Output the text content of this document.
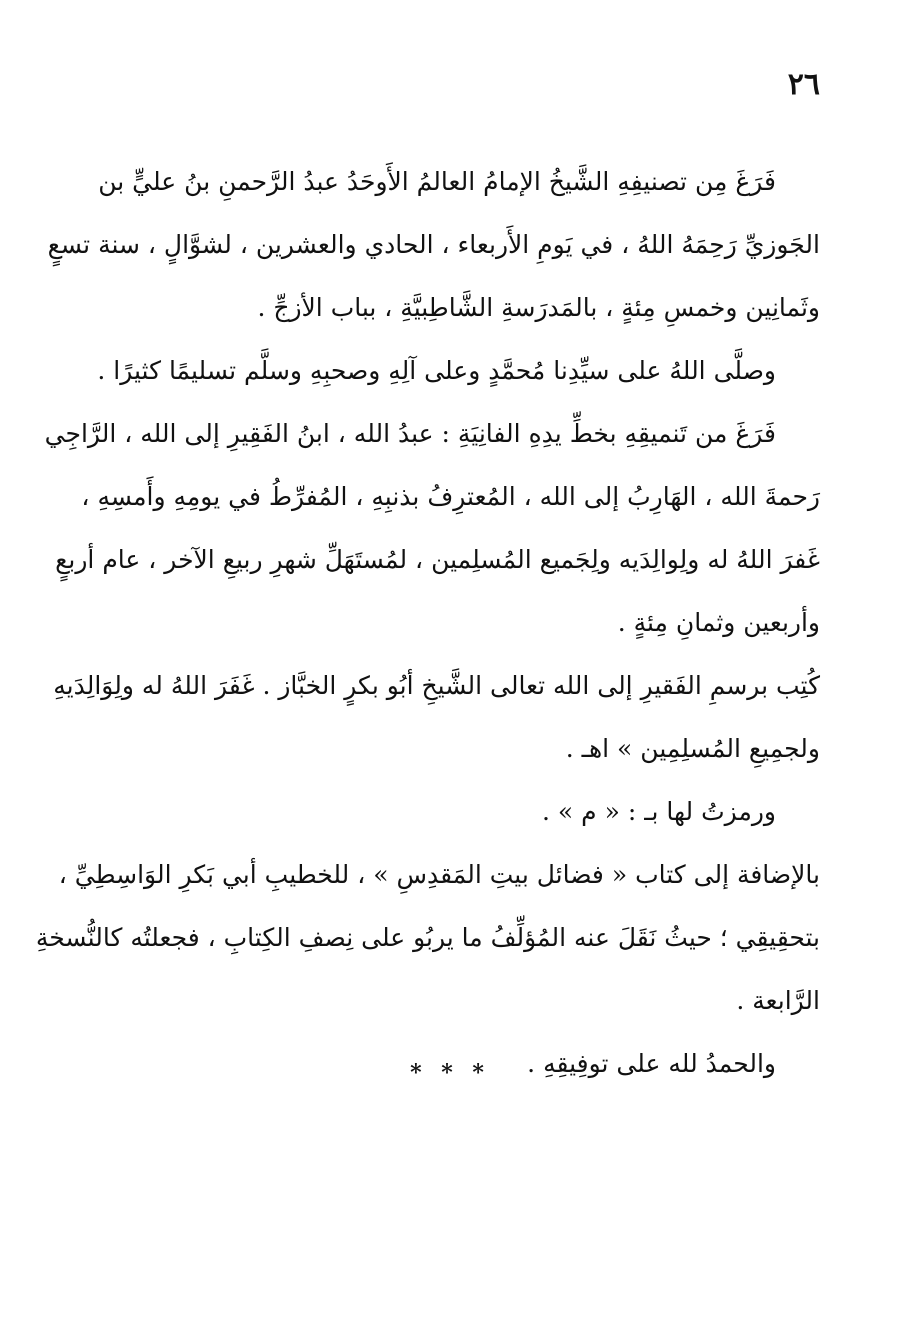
٢٦
فَرَغَ مِن تصنيفِهِ الشَّيخُ الإمامُ العالمُ الأَوحَدُ عبدُ الرَّحمنِ بنُ عليٍّ بن
الجَوزيِّ رَحِمَهُ اللهُ ، في يَومِ الأَربعاء ، الحادي والعشرين ، لشوَّالٍ ، سنة تسعٍ
وثَمانِين وخمسِ مِئةٍ ، بالمَدرَسةِ الشَّاطِبيَّةِ ، بباب الأزجِّ .
وصلَّى اللهُ على سيِّدِنا مُحمَّدٍ وعلى آلِهِ وصحبِهِ وسلَّم تسليمًا كثيرًا .
فَرَغَ من تَنميقِهِ بخطِّ يدِهِ الفانِيَةِ : عبدُ الله ، ابنُ الفَقِيرِ إلى الله ، الرَّاجِي
رَحمةَ الله ، الهَارِبُ إلى الله ، المُعترِفُ بذنبِهِ ، المُفرِّطُ في يومِهِ وأَمسِهِ ،
غَفرَ اللهُ له ولِوالِدَيه ولِجَميع المُسلِمين ، لمُستَهَلِّ شهرِ ربيعِ الآخر ، عام أربعٍ
وأربعين وثمانِ مِئةٍ .
كُتِب برسمِ الفَقيرِ إلى الله تعالى الشَّيخِ أبُو بكرٍ الخبَّاز . غَفَرَ اللهُ له ولِوَالِدَيهِ
ولجمِيعِ المُسلِمِين » اهـ .
ورمزتُ لها بـ : « م » .
بالإضافة إلى كتاب « فضائل بيتِ المَقدِسِ » ، للخطيبِ أبي بَكرِ الوَاسِطِيِّ ،
بتحقِيقِي ؛ حيثُ نَقَلَ عنه المُؤلِّفُ ما يربُو على نِصفِ الكِتابِ ، فجعلتُه كالنُّسخةِ
الرَّابعة .
والحمدُ لله على توفِيقِهِ .
* * *
